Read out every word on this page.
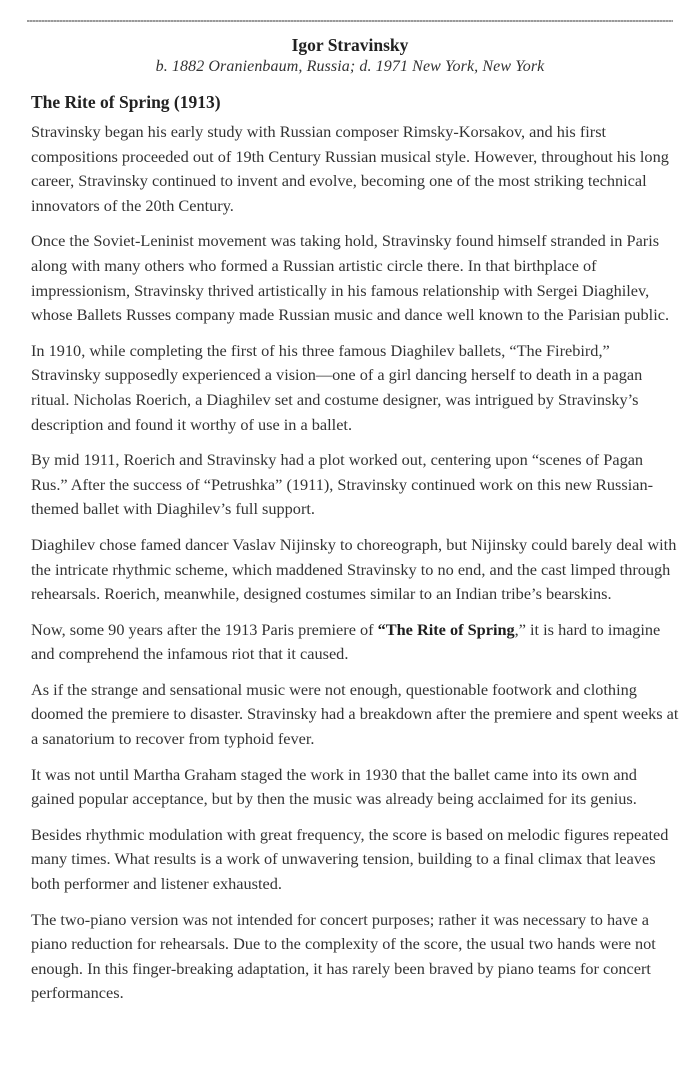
Igor Stravinsky
b. 1882 Oranienbaum, Russia; d. 1971 New York, New York
The Rite of Spring (1913)

Stravinsky began his early study with Russian composer Rimsky-Korsakov, and his first compositions proceeded out of 19th Century Russian musical style. However, throughout his long career, Stravinsky continued to invent and evolve, becoming one of the most striking technical innovators of the 20th Century.

Once the Soviet-Leninist movement was taking hold, Stravinsky found himself stranded in Paris along with many others who formed a Russian artistic circle there. In that birthplace of impressionism, Stravinsky thrived artistically in his famous relationship with Sergei Diaghilev, whose Ballets Russes company made Russian music and dance well known to the Parisian public.

In 1910, while completing the first of his three famous Diaghilev ballets, “The Firebird,” Stravinsky supposedly experienced a vision—one of a girl dancing herself to death in a pagan ritual. Nicholas Roerich, a Diaghilev set and costume designer, was intrigued by Stravinsky’s description and found it worthy of use in a ballet.

By mid 1911, Roerich and Stravinsky had a plot worked out, centering upon “scenes of Pagan Rus.” After the success of “Petrushka” (1911), Stravinsky continued work on this new Russian-themed ballet with Diaghilev’s full support.

Diaghilev chose famed dancer Vaslav Nijinsky to choreograph, but Nijinsky could barely deal with the intricate rhythmic scheme, which maddened Stravinsky to no end, and the cast limped through rehearsals. Roerich, meanwhile, designed costumes similar to an Indian tribe’s bearskins.

Now, some 90 years after the 1913 Paris premiere of “The Rite of Spring,” it is hard to imagine and comprehend the infamous riot that it caused.

As if the strange and sensational music were not enough, questionable footwork and clothing doomed the premiere to disaster. Stravinsky had a breakdown after the premiere and spent weeks at a sanatorium to recover from typhoid fever.

It was not until Martha Graham staged the work in 1930 that the ballet came into its own and gained popular acceptance, but by then the music was already being acclaimed for its genius.

Besides rhythmic modulation with great frequency, the score is based on melodic figures repeated many times. What results is a work of unwavering tension, building to a final climax that leaves both performer and listener exhausted.

The two-piano version was not intended for concert purposes; rather it was necessary to have a piano reduction for rehearsals. Due to the complexity of the score, the usual two hands were not enough. In this finger-breaking adaptation, it has rarely been braved by piano teams for concert performances.
